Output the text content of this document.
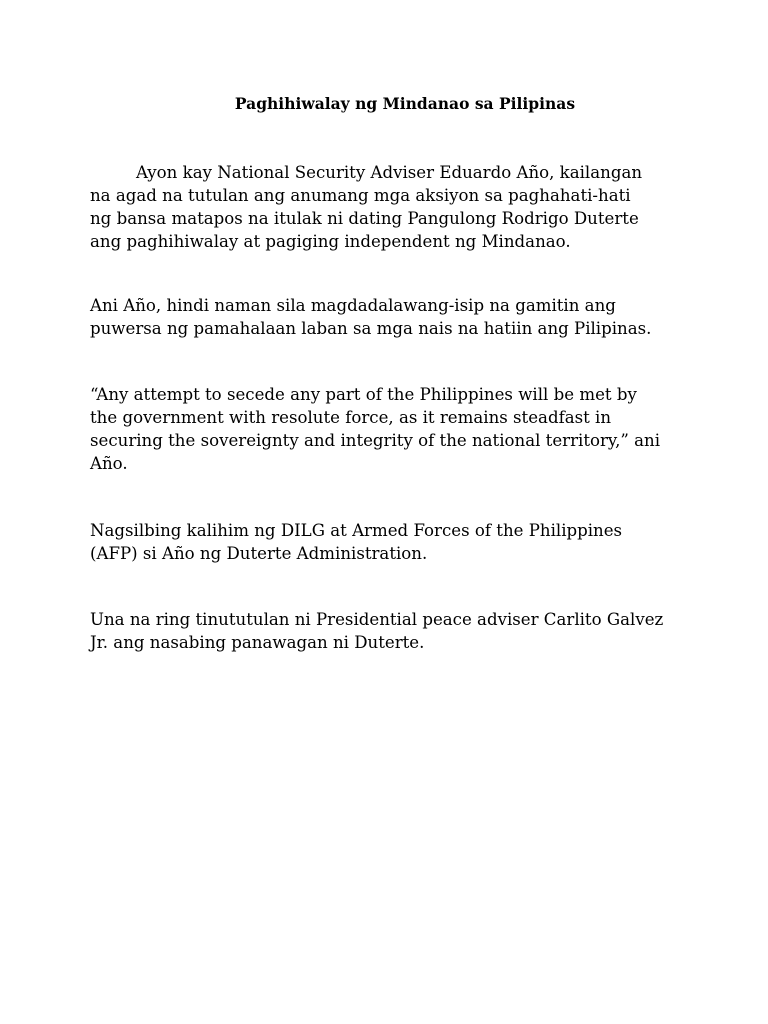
Paghihiwalay ng Mindanao sa Pilipinas

Ayon kay National Security Adviser Eduardo Año, kailangan
na agad na tutulan ang anumang mga aksiyon sa paghahati-hati
ng bansa matapos na itulak ni dating Pangulong Rodrigo Duterte
ang paghihiwalay at pagiging independent ng Mindanao.

Ani Año, hindi naman sila magdadalawang-isip na gamitin ang
puwersa ng pamahalaan laban sa mga nais na hatiin ang Pilipinas.

“Any attempt to secede any part of the Philippines will be met by
the government with resolute force, as it remains steadfast in
securing the sovereignty and integrity of the national territory,” ani
Año.

Nagsilbing kalihim ng DILG at Armed Forces of the Philippines
(AFP) si Año ng Duterte Administration.

Una na ring tinututulan ni Presidential peace adviser Carlito Galvez
Jr. ang nasabing panawagan ni Duterte.
